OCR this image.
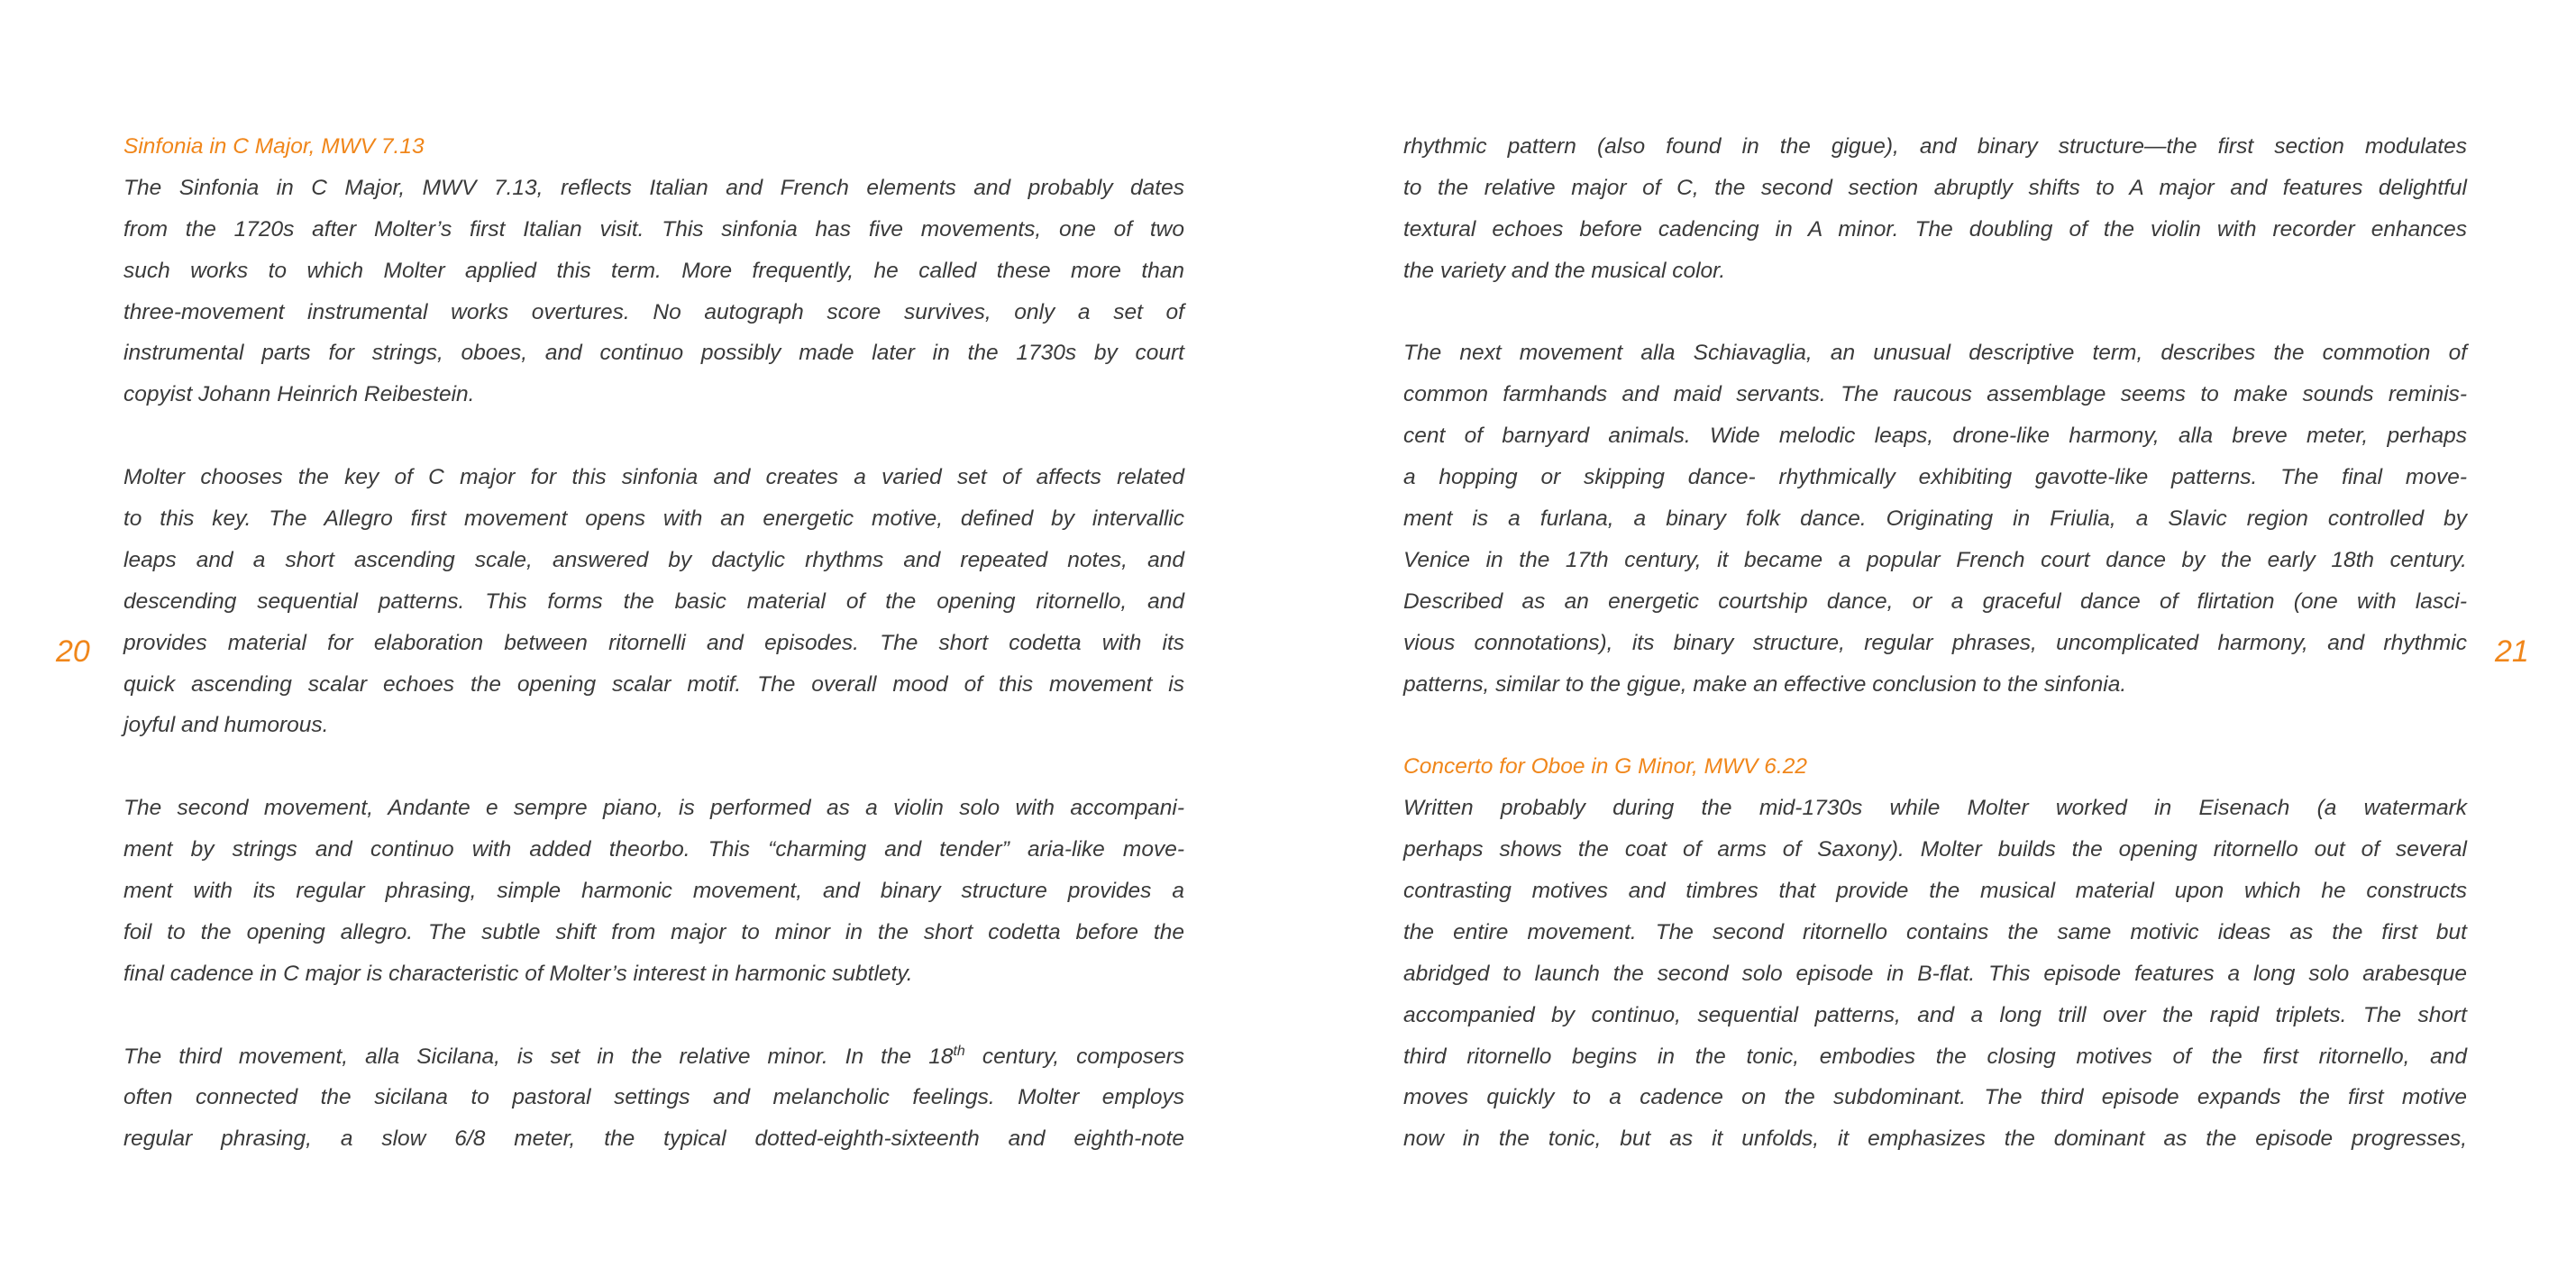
Sinfonia in C Major, MWV 7.13
The Sinfonia in C Major, MWV 7.13, reflects Italian and French elements and probably dates
from the 1720s after Molter’s first Italian visit. This sinfonia has five movements, one of two
such works to which Molter applied this term. More frequently, he called these more than
three-movement instrumental works overtures. No autograph score survives, only a set of
instrumental parts for strings, oboes, and continuo possibly made later in the 1730s by court
copyist Johann Heinrich Reibestein.
Molter chooses the key of C major for this sinfonia and creates a varied set of affects related
to this key. The Allegro first movement opens with an energetic motive, defined by intervallic
leaps and a short ascending scale, answered by dactylic rhythms and repeated notes, and
descending sequential patterns. This forms the basic material of the opening ritornello, and
provides material for elaboration between ritornelli and episodes. The short codetta with its
quick ascending scalar echoes the opening scalar motif. The overall mood of this movement is
joyful and humorous.
The second movement, Andante e sempre piano, is performed as a violin solo with accompani-
ment by strings and continuo with added theorbo. This “charming and tender” aria-like move-
ment with its regular phrasing, simple harmonic movement, and binary structure provides a
foil to the opening allegro. The subtle shift from major to minor in the short codetta before the
final cadence in C major is characteristic of Molter’s interest in harmonic subtlety.
The third movement, alla Sicilana, is set in the relative minor. In the 18th century, composers
often connected the sicilana to pastoral settings and melancholic feelings. Molter employs
regular phrasing, a slow 6/8 meter, the typical dotted-eighth-sixteenth and eighth-note
rhythmic pattern (also found in the gigue), and binary structure—the first section modulates
to the relative major of C, the second section abruptly shifts to A major and features delightful
textural echoes before cadencing in A minor. The doubling of the violin with recorder enhances
the variety and the musical color.
The next movement alla Schiavaglia, an unusual descriptive term, describes the commotion of
common farmhands and maid servants. The raucous assemblage seems to make sounds reminis-
cent of barnyard animals. Wide melodic leaps, drone-like harmony, alla breve meter, perhaps
a hopping or skipping dance- rhythmically exhibiting gavotte-like patterns. The final move-
ment is a furlana, a binary folk dance. Originating in Friulia, a Slavic region controlled by
Venice in the 17th century, it became a popular French court dance by the early 18th century.
Described as an energetic courtship dance, or a graceful dance of flirtation (one with lasci-
vious connotations), its binary structure, regular phrases, uncomplicated harmony, and rhythmic
patterns, similar to the gigue, make an effective conclusion to the sinfonia.
Concerto for Oboe in G Minor, MWV 6.22
Written probably during the mid-1730s while Molter worked in Eisenach (a watermark
perhaps shows the coat of arms of Saxony). Molter builds the opening ritornello out of several
contrasting motives and timbres that provide the musical material upon which he constructs
the entire movement. The second ritornello contains the same motivic ideas as the first but
abridged to launch the second solo episode in B-flat. This episode features a long solo arabesque
accompanied by continuo, sequential patterns, and a long trill over the rapid triplets. The short
third ritornello begins in the tonic, embodies the closing motives of the first ritornello, and
moves quickly to a cadence on the subdominant. The third episode expands the first motive
now in the tonic, but as it unfolds, it emphasizes the dominant as the episode progresses,
20	21
